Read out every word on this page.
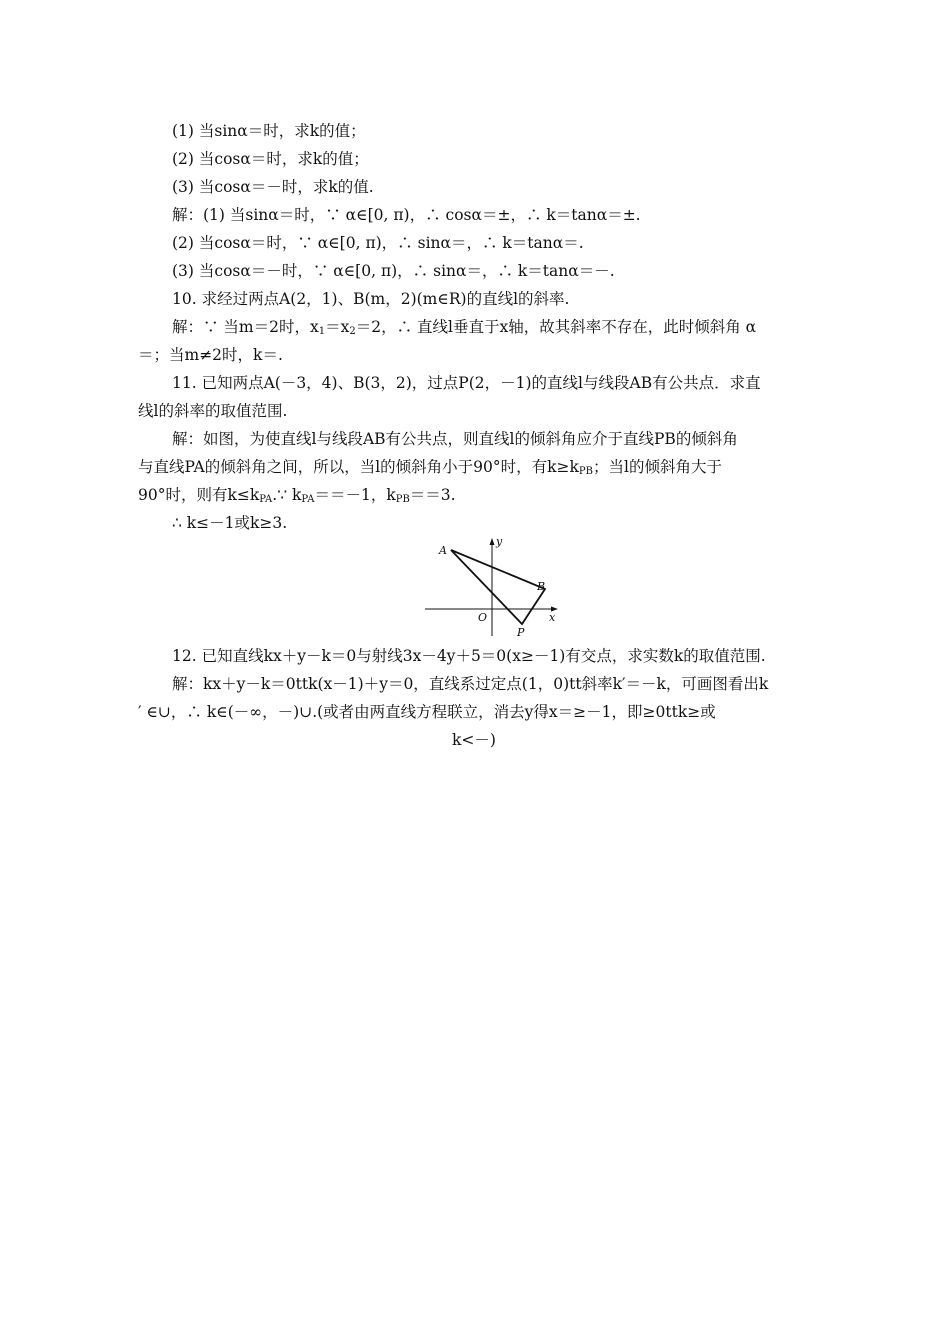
(1) 当sinα＝时，求k的值；
(2) 当cosα＝时，求k的值；
(3) 当cosα＝－时，求k的值.
解：(1) 当sinα＝时，∵ α∈[0, π)，∴ cosα＝±，∴ k＝tanα＝±.
(2) 当cosα＝时，∵ α∈[0, π)，∴ sinα＝，∴ k＝tanα＝.
(3) 当cosα＝－时，∵ α∈[0, π)，∴ sinα＝，∴ k＝tanα＝－.
10. 求经过两点A(2，1)、B(m，2)(m∈R)的直线l的斜率.
解：∵ 当m＝2时，$x_1=x_2=2$，∴ 直线l垂直于x轴，故其斜率不存在，此时倾斜角 α
＝；当m≠2时，k＝.
11. 已知两点A(－3，4)、B(3，2)，过点P(2，－1)的直线l与线段AB有公共点．求直
线l的斜率的取值范围.
解：如图，为使直线l与线段AB有公共点，则直线l的倾斜角应介于直线PB的倾斜角
与直线PA的倾斜角之间，所以，当l的倾斜角小于90°时，有$k\ge k_{PB}$；当l的倾斜角大于
90°时，则有$k\le k_{PA}.\because$ $k_{PA}==-1$，$k_{PB}==3$.
∴ k≤－1或k≥3.
A
B
O
P
x
y
12. 已知直线kx＋y－k＝0与射线3x－4y＋5＝0(x≥－1)有交点，求实数k的取值范围.
解：kx＋y－k＝0ttk(x－1)＋y＝0，直线系过定点(1，0)tt斜率k′＝－k，可画图看出k
′ ∈∪，∴ k∈(－∞，－)∪.(或者由两直线方程联立，消去y得x＝≥－1，即≥0ttk≥或
k<－)
